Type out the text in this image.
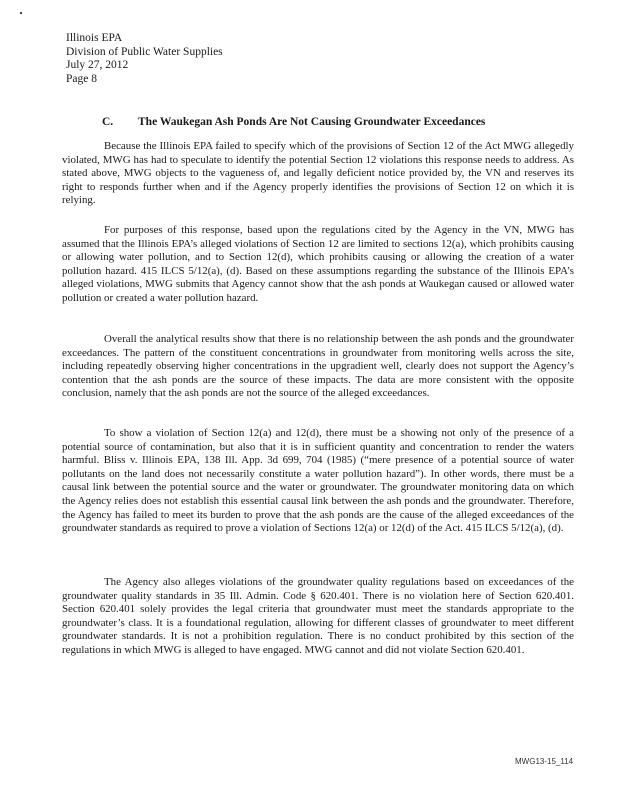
Illinois EPA
Division of Public Water Supplies
July 27, 2012
Page 8
C. The Waukegan Ash Ponds Are Not Causing Groundwater Exceedances

Because the Illinois EPA failed to specify which of the provisions of Section 12 of the Act MWG allegedly violated, MWG has had to speculate to identify the potential Section 12 violations this response needs to address. As stated above, MWG objects to the vagueness of, and legally deficient notice provided by, the VN and reserves its right to responds further when and if the Agency properly identifies the provisions of Section 12 on which it is relying.

For purposes of this response, based upon the regulations cited by the Agency in the VN, MWG has assumed that the Illinois EPA’s alleged violations of Section 12 are limited to sections 12(a), which prohibits causing or allowing water pollution, and to Section 12(d), which prohibits causing or allowing the creation of a water pollution hazard. 415 ILCS 5/12(a), (d). Based on these assumptions regarding the substance of the Illinois EPA’s alleged violations, MWG submits that Agency cannot show that the ash ponds at Waukegan caused or allowed water pollution or created a water pollution hazard.

Overall the analytical results show that there is no relationship between the ash ponds and the groundwater exceedances. The pattern of the constituent concentrations in groundwater from monitoring wells across the site, including repeatedly observing higher concentrations in the upgradient well, clearly does not support the Agency’s contention that the ash ponds are the source of these impacts. The data are more consistent with the opposite conclusion, namely that the ash ponds are not the source of the alleged exceedances.

To show a violation of Section 12(a) and 12(d), there must be a showing not only of the presence of a potential source of contamination, but also that it is in sufficient quantity and concentration to render the waters harmful. Bliss v. Illinois EPA, 138 Ill. App. 3d 699, 704 (1985) (“mere presence of a potential source of water pollutants on the land does not necessarily constitute a water pollution hazard”). In other words, there must be a causal link between the potential source and the water or groundwater. The groundwater monitoring data on which the Agency relies does not establish this essential causal link between the ash ponds and the groundwater. Therefore, the Agency has failed to meet its burden to prove that the ash ponds are the cause of the alleged exceedances of the groundwater standards as required to prove a violation of Sections 12(a) or 12(d) of the Act. 415 ILCS 5/12(a), (d).

The Agency also alleges violations of the groundwater quality regulations based on exceedances of the groundwater quality standards in 35 Ill. Admin. Code § 620.401. There is no violation here of Section 620.401. Section 620.401 solely provides the legal criteria that groundwater must meet the standards appropriate to the groundwater’s class. It is a foundational regulation, allowing for different classes of groundwater to meet different groundwater standards. It is not a prohibition regulation. There is no conduct prohibited by this section of the regulations in which MWG is alleged to have engaged. MWG cannot and did not violate Section 620.401.

MWG13-15_114
